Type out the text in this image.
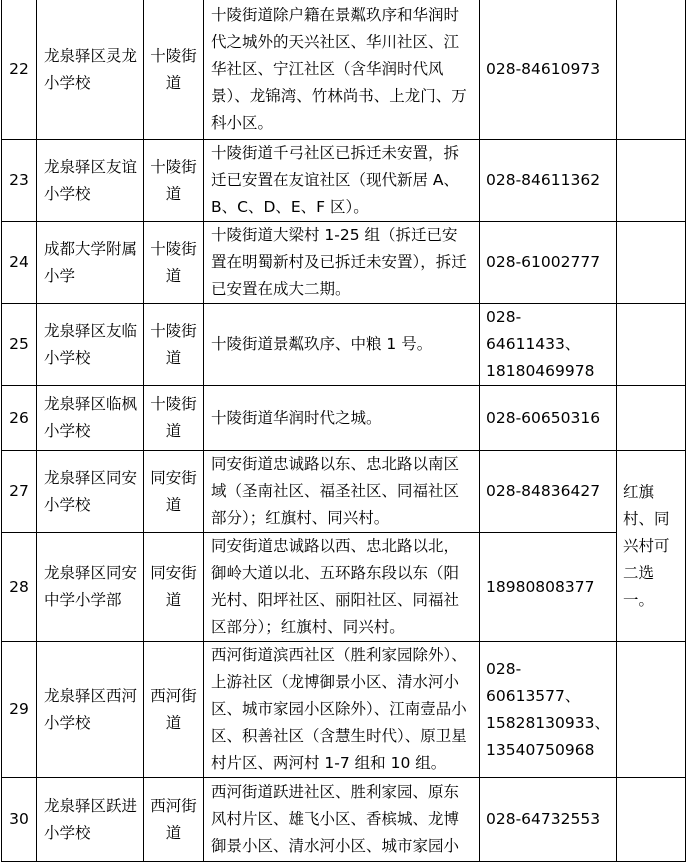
22	龙泉驿区灵龙小学校	十陵街道	十陵街道除户籍在景粼玖序和华润时代之城外的天兴社区、华川社区、江华社区、宁江社区（含华润时代风景）、龙锦湾、竹林尚书、上龙门、万科小区。	028-84610973	
23	龙泉驿区友谊小学校	十陵街道	十陵街道千弓社区已拆迁未安置，拆迁已安置在友谊社区（现代新居 A、B、C、D、E、F 区）。	028-84611362	
24	成都大学附属小学	十陵街道	十陵街道大梁村 1-25 组（拆迁已安置在明蜀新村及已拆迁未安置），拆迁已安置在成大二期。	028-61002777	
25	龙泉驿区友临小学校	十陵街道	十陵街道景粼玖序、中粮 1 号。	028-64611433、18180469978	
26	龙泉驿区临枫小学校	十陵街道	十陵街道华润时代之城。	028-60650316	
27	龙泉驿区同安小学校	同安街道	同安街道忠诚路以东、忠北路以南区域（圣南社区、福圣社区、同福社区部分）；红旗村、同兴村。	028-84836427	红旗村、同兴村可二选一。
28	龙泉驿区同安中学小学部	同安街道	同安街道忠诚路以西、忠北路以北，御岭大道以北、五环路东段以东（阳光村、阳坪社区、丽阳社区、同福社区部分）；红旗村、同兴村。	18980808377	
29	龙泉驿区西河小学校	西河街道	西河街道滨西社区（胜利家园除外）、上游社区（龙博御景小区、清水河小区、城市家园小区除外）、江南壹品小区、积善社区（含慧生时代）、原卫星村片区、两河村 1-7 组和 10 组。	028-60613577、15828130933、13540750968	
30	龙泉驿区跃进小学校	西河街道	西河街道跃进社区、胜利家园、原东风村片区、雄飞小区、香槟城、龙博御景小区、清水河小区、城市家园小	028-64732553	
